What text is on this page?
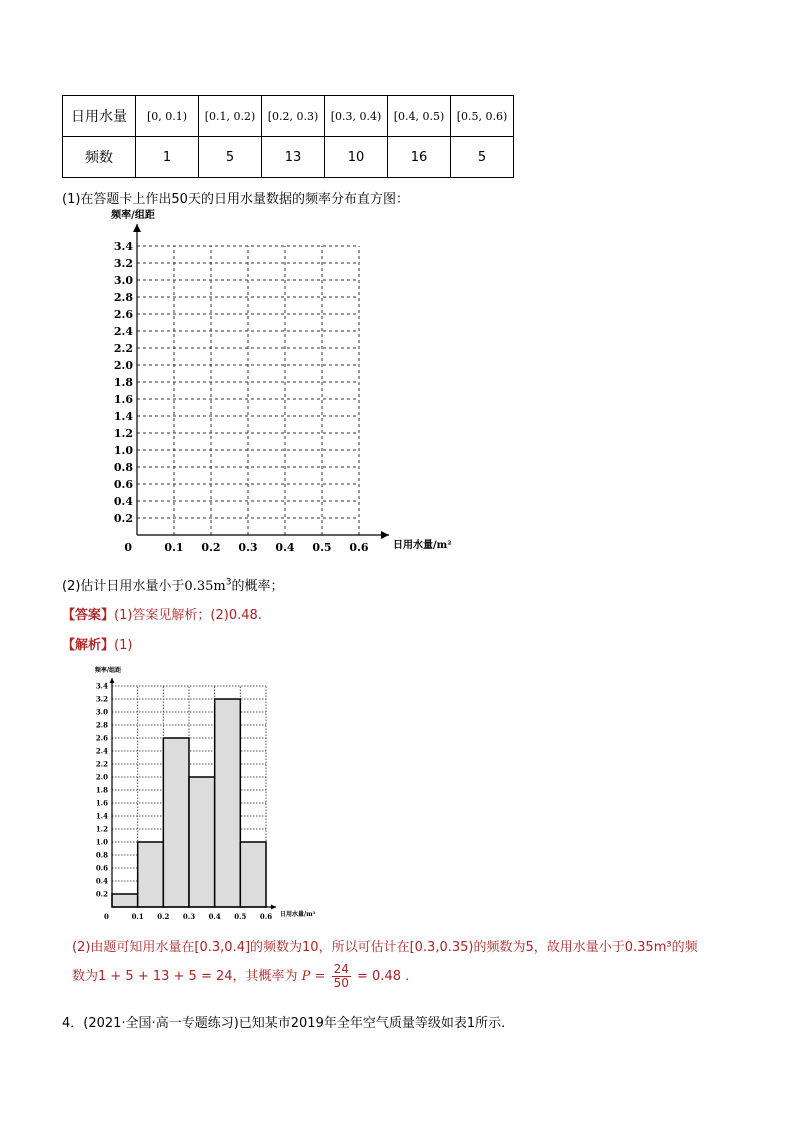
日用水量	[0, 0.1)	[0.1, 0.2)	[0.2, 0.3)	[0.3, 0.4)	[0.4, 0.5)	[0.5, 0.6)
频数	1	5	13	10	16	5
(1)在答题卡上作出50天的日用水量数据的频率分布直方图：
0.2
0.4
0.6
0.8
1.0
1.2
1.4
1.6
1.8
2.0
2.2
2.4
2.6
2.8
3.0
3.2
3.4
0	0.1 0.2 0.3 0.4 0.5 0.6
频率/组距
日用水量/m²
(2)估计日用水量小于$0.35m^3$的概率；
【答案】(1)答案见解析；(2)0.48.
【解析】(1)
0.2
0.4
0.6
0.8
1.0
1.2
1.4
1.6
1.8
2.0
2.2
2.4
2.6
2.8
3.0
3.2
3.4
0	0.1 0.2 0.3 0.4 0.5 0.6
频率/组距
日用水量/m³
(2)由题可知用水量在[0.3,0.4]的频数为10，所以可估计在[0.3,0.35)的频数为5，故用水量小于0.35m³的频
数为1 + 5 + 13 + 5 = 24，其概率为 $P = \frac{24}{50} = 0.48$ .
4．(2021·全国·高一专题练习)已知某市2019年全年空气质量等级如表1所示.
